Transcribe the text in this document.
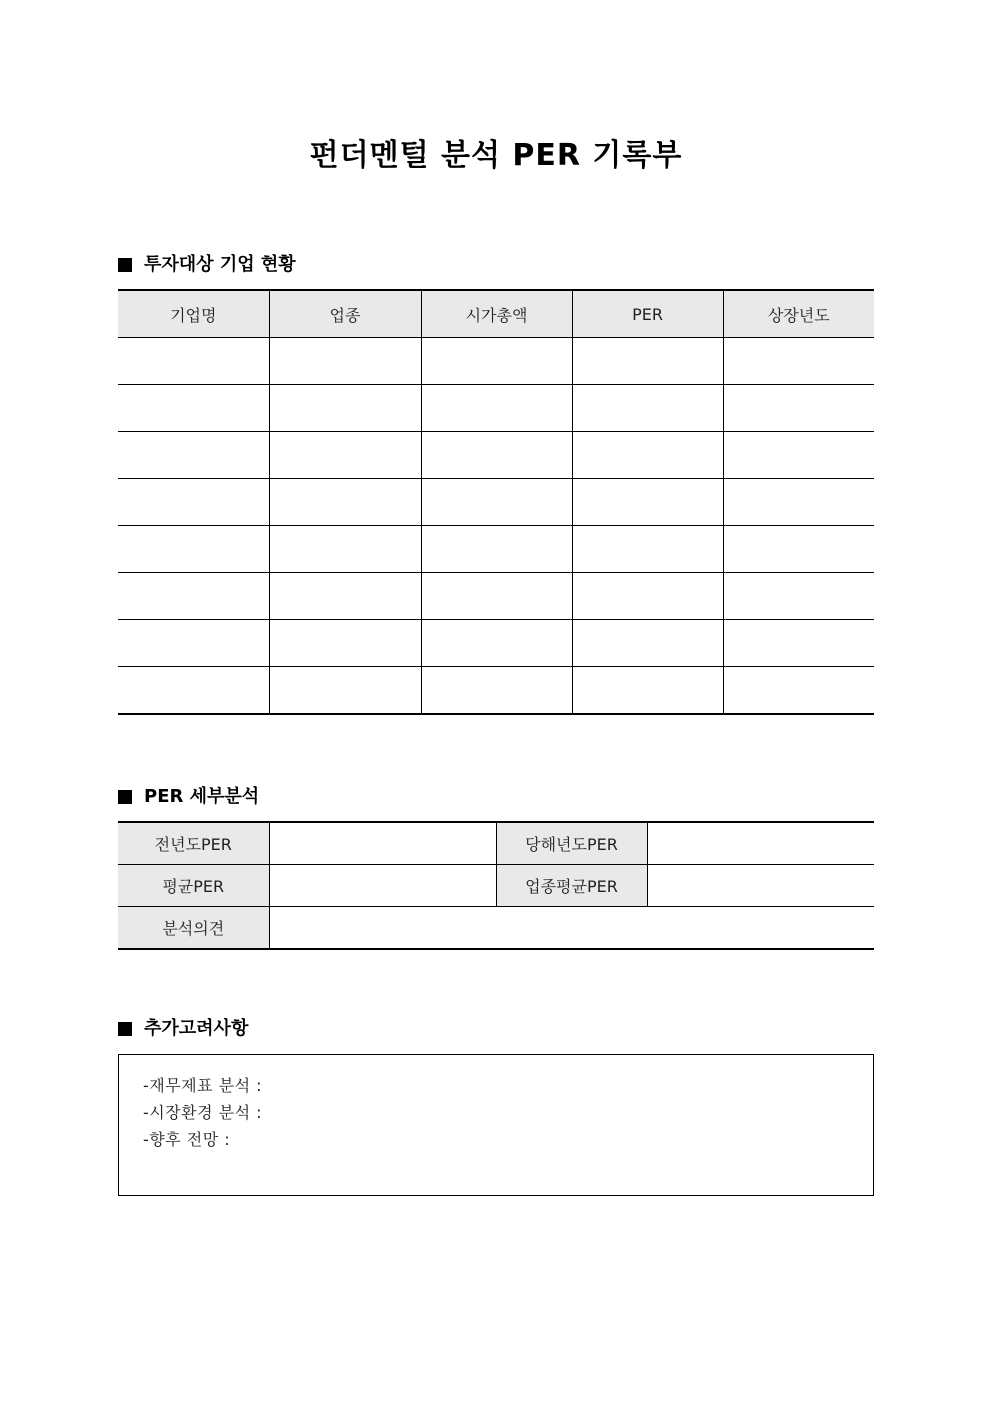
펀더멘털 분석 PER 기록부
투자대상 기업 현황
기업명	업종	시가총액	PER	상장년도

PER 세부분석
전년도PER		당해년도PER	
평균PER		업종평균PER	
분석의견			
추가고려사항
-재무제표 분석 :
-시장환경 분석 :
-향후 전망 :
